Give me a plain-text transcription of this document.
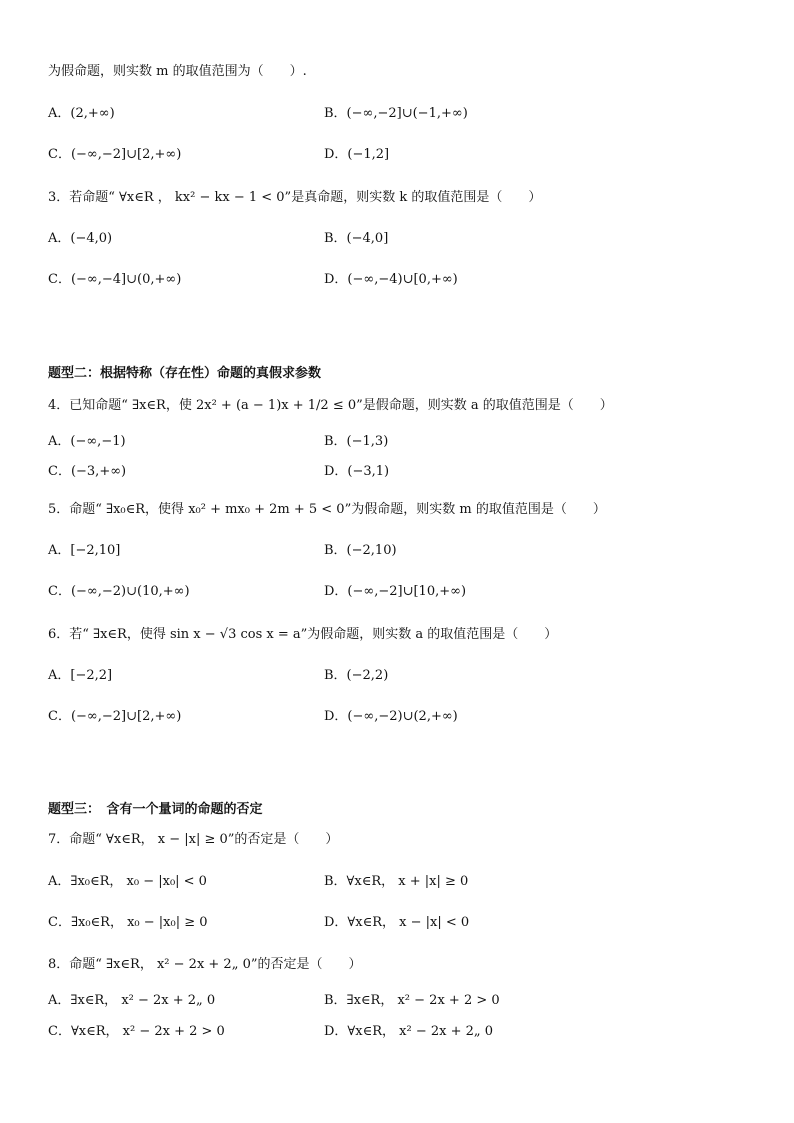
为假命题，则实数 m 的取值范围为（　　）.
A．(2,+∞)	B．(−∞,−2]∪(−1,+∞)
C．(−∞,−2]∪[2,+∞)	D．(−1,2]
3．若命题“ ∀x∈R ， kx² − kx − 1 < 0”是真命题，则实数 k 的取值范围是（　　）
A．(−4,0)	B．(−4,0]
C．(−∞,−4]∪(0,+∞)	D．(−∞,−4)∪[0,+∞)
题型二：根据特称（存在性）命题的真假求参数
4．已知命题“ ∃x∈R，使 2x² + (a − 1)x + 1/2 ≤ 0”是假命题，则实数 a 的取值范围是（　　）
A．(−∞,−1)	B．(−1,3)
C．(−3,+∞)	D．(−3,1)
5．命题“ ∃x₀∈R，使得 x₀² + mx₀ + 2m + 5 < 0”为假命题，则实数 m 的取值范围是（　　）
A．[−2,10]	B．(−2,10)
C．(−∞,−2)∪(10,+∞)	D．(−∞,−2]∪[10,+∞)
6．若“ ∃x∈R，使得 sin x − √3 cos x = a”为假命题，则实数 a 的取值范围是（　　）
A．[−2,2]	B．(−2,2)
C．(−∞,−2]∪[2,+∞)	D．(−∞,−2)∪(2,+∞)
题型三：　含有一个量词的命题的否定
7．命题“ ∀x∈R， x − |x| ≥ 0”的否定是（　　）
A．∃x₀∈R， x₀ − |x₀| < 0	B．∀x∈R， x + |x| ≥ 0
C．∃x₀∈R， x₀ − |x₀| ≥ 0	D．∀x∈R， x − |x| < 0
8．命题“ ∃x∈R， x² − 2x + 2„ 0”的否定是（　　）
A．∃x∈R， x² − 2x + 2„ 0	B．∃x∈R， x² − 2x + 2 > 0
C．∀x∈R， x² − 2x + 2 > 0	D．∀x∈R， x² − 2x + 2„ 0
